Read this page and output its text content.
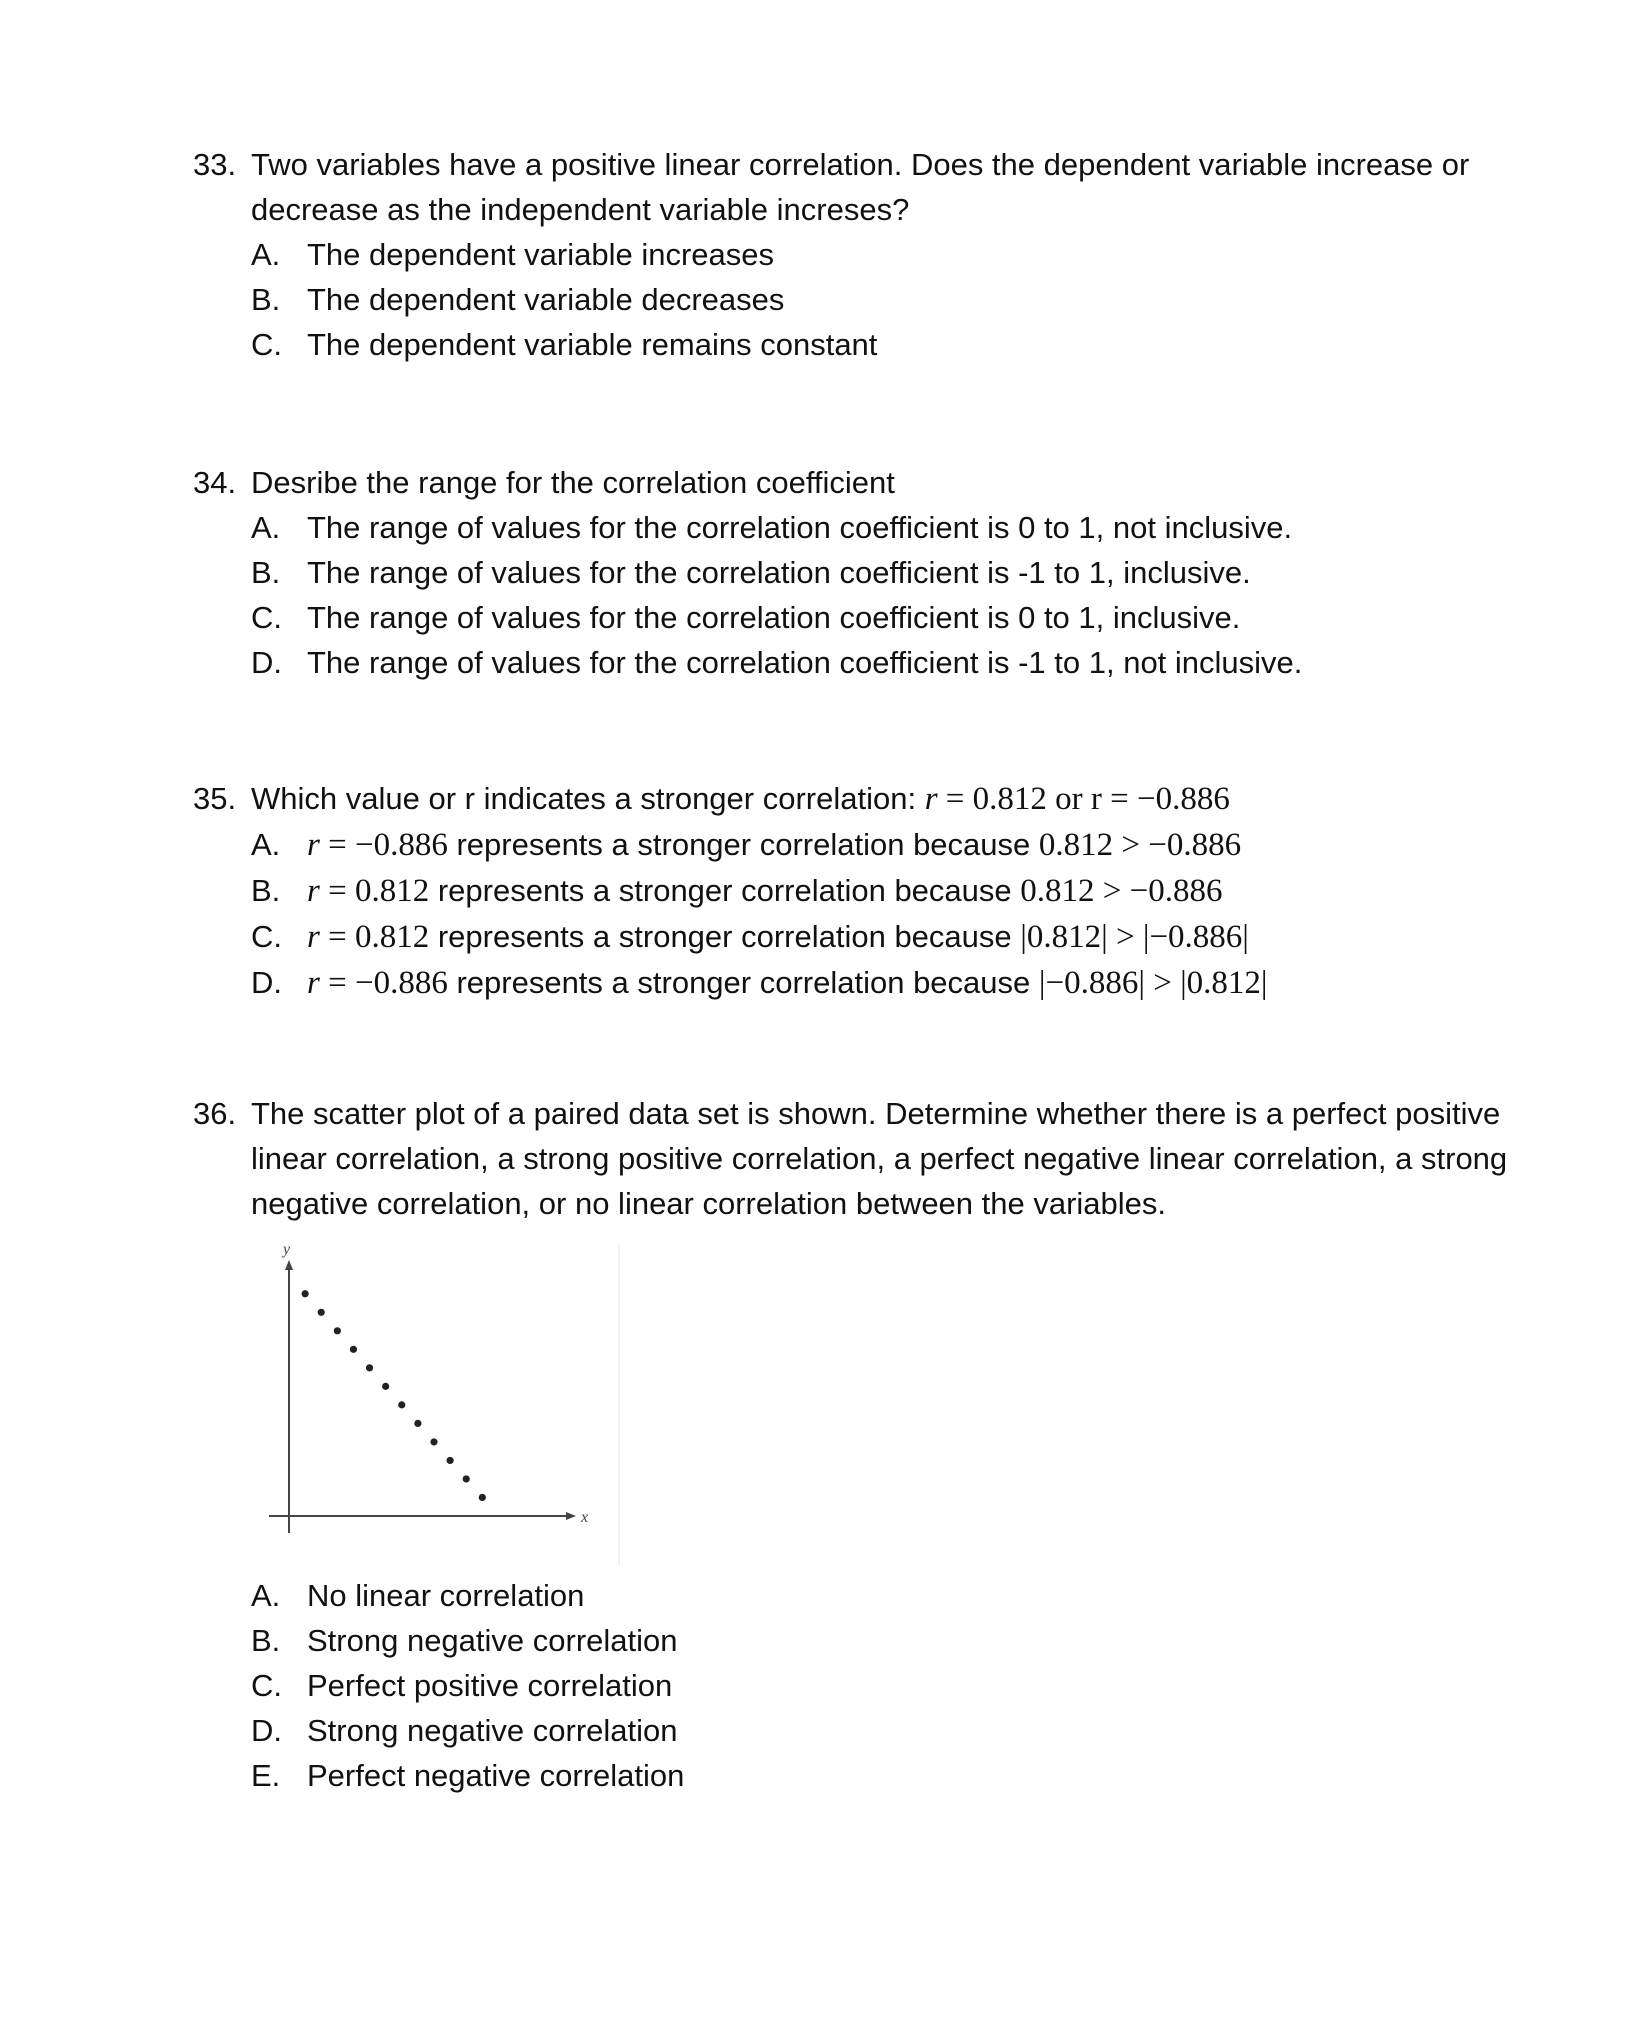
33. Two variables have a positive linear correlation. Does the dependent variable increase or
decrease as the independent variable increses?
A. The dependent variable increases
B. The dependent variable decreases
C. The dependent variable remains constant
34. Desribe the range for the correlation coefficient
A. The range of values for the correlation coefficient is 0 to 1, not inclusive.
B. The range of values for the correlation coefficient is -1 to 1, inclusive.
C. The range of values for the correlation coefficient is 0 to 1, inclusive.
D. The range of values for the correlation coefficient is -1 to 1, not inclusive.
35. Which value or r indicates a stronger correlation: r = 0.812 or r = −0.886
A. r = −0.886 represents a stronger correlation because 0.812 > −0.886
B. r = 0.812 represents a stronger correlation because 0.812 > −0.886
C. r = 0.812 represents a stronger correlation because |0.812| > |−0.886|
D. r = −0.886 represents a stronger correlation because |−0.886| > |0.812|
36. The scatter plot of a paired data set is shown. Determine whether there is a perfect positive
linear correlation, a strong positive correlation, a perfect negative linear correlation, a strong
negative correlation, or no linear correlation between the variables.
x
y
A. No linear correlation
B. Strong negative correlation
C. Perfect positive correlation
D. Strong negative correlation
E. Perfect negative correlation
